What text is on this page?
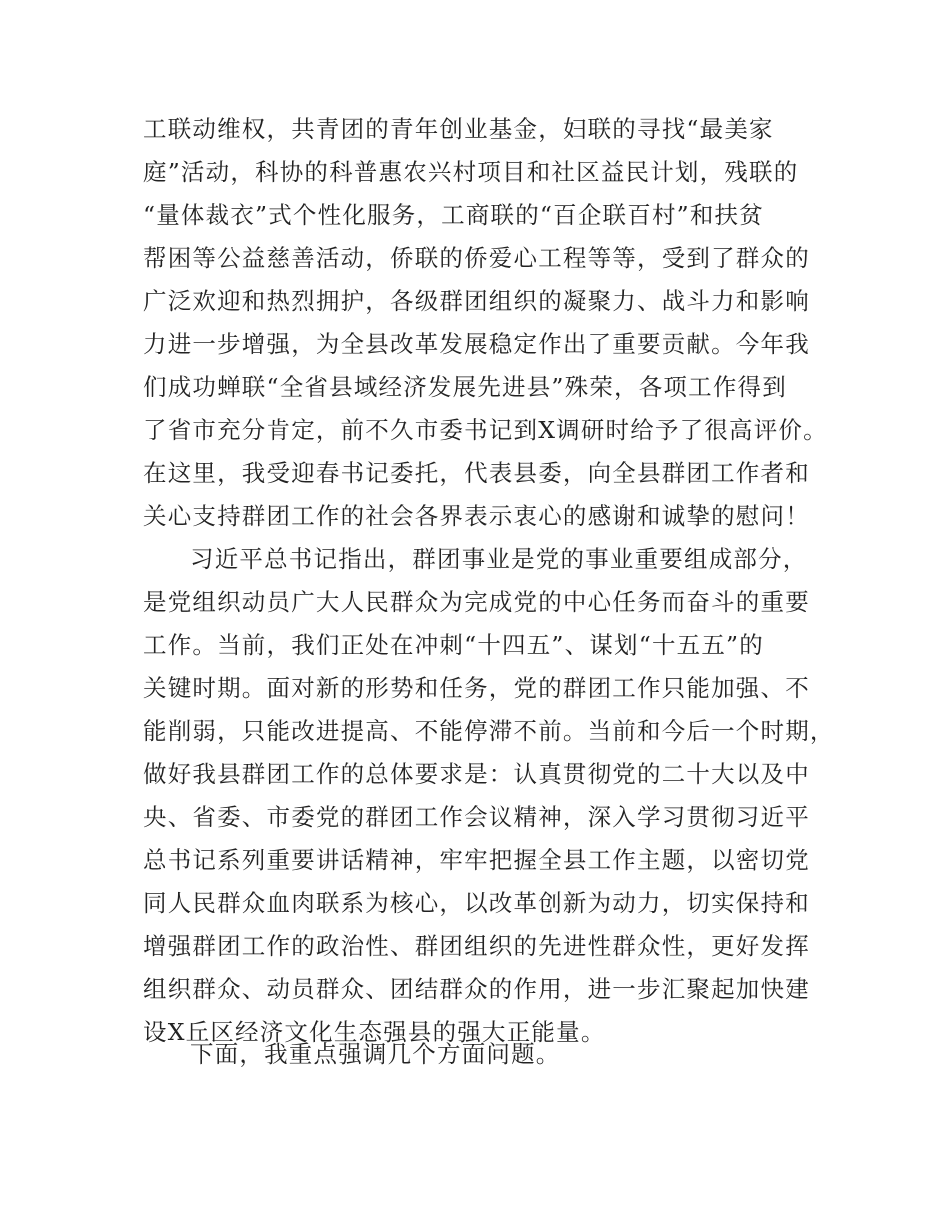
工联动维权，共青团的青年创业基金，妇联的寻找“最美家
庭”活动，科协的科普惠农兴村项目和社区益民计划，残联的
“量体裁衣”式个性化服务，工商联的“百企联百村”和扶贫
帮困等公益慈善活动，侨联的侨爱心工程等等，受到了群众的
广泛欢迎和热烈拥护，各级群团组织的凝聚力、战斗力和影响
力进一步增强，为全县改革发展稳定作出了重要贡献。今年我
们成功蝉联“全省县域经济发展先进县”殊荣，各项工作得到
了省市充分肯定，前不久市委书记到X调研时给予了很高评价。
在这里，我受迎春书记委托，代表县委，向全县群团工作者和
关心支持群团工作的社会各界表示衷心的感谢和诚挚的慰问！
习近平总书记指出，群团事业是党的事业重要组成部分，
是党组织动员广大人民群众为完成党的中心任务而奋斗的重要
工作。当前，我们正处在冲刺“十四五”、谋划“十五五”的
关键时期。面对新的形势和任务，党的群团工作只能加强、不
能削弱，只能改进提高、不能停滞不前。当前和今后一个时期，
做好我县群团工作的总体要求是：认真贯彻党的二十大以及中
央、省委、市委党的群团工作会议精神，深入学习贯彻习近平
总书记系列重要讲话精神，牢牢把握全县工作主题，以密切党
同人民群众血肉联系为核心，以改革创新为动力，切实保持和
增强群团工作的政治性、群团组织的先进性群众性，更好发挥
组织群众、动员群众、团结群众的作用，进一步汇聚起加快建
设X丘区经济文化生态强县的强大正能量。
下面，我重点强调几个方面问题。
